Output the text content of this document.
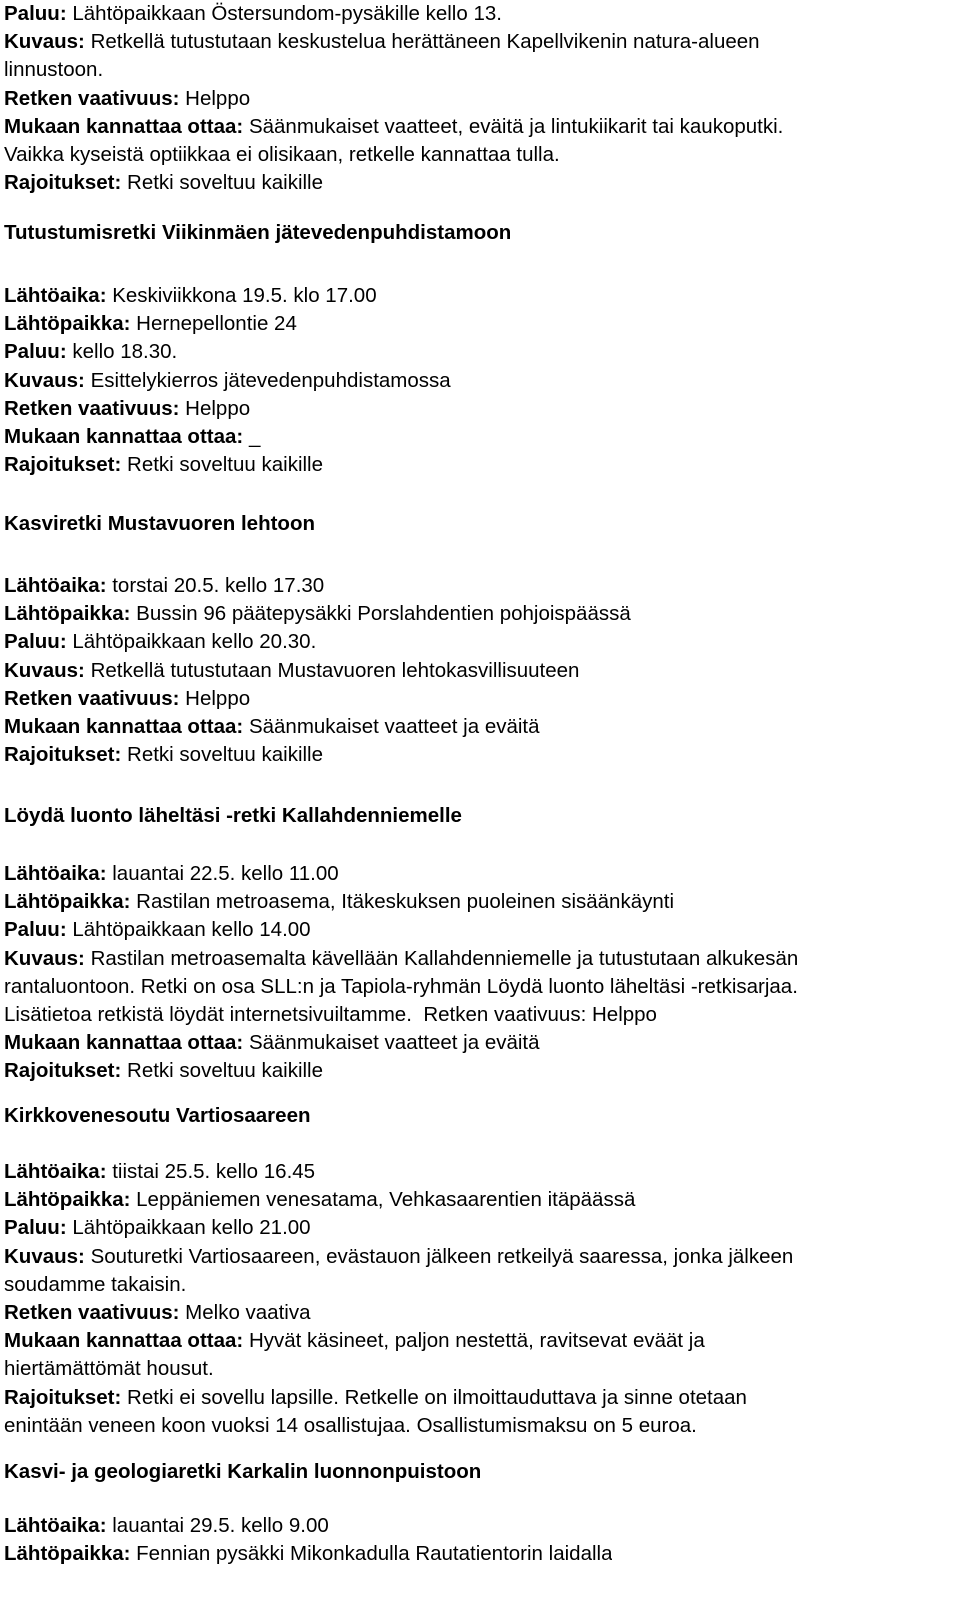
Paluu: Lähtöpaikkaan Östersundom-pysäkille kello 13.
Kuvaus: Retkellä tutustutaan keskustelua herättäneen Kapellvikenin natura-alueen
linnustoon.
Retken vaativuus: Helppo
Mukaan kannattaa ottaa: Säänmukaiset vaatteet, eväitä ja lintukiikarit tai kaukoputki.
Vaikka kyseistä optiikkaa ei olisikaan, retkelle kannattaa tulla.
Rajoitukset: Retki soveltuu kaikille
Tutustumisretki Viikinmäen jätevedenpuhdistamoon
Lähtöaika: Keskiviikkona 19.5. klo 17.00
Lähtöpaikka: Hernepellontie 24
Paluu: kello 18.30.
Kuvaus: Esittelykierros jätevedenpuhdistamossa
Retken vaativuus: Helppo
Mukaan kannattaa ottaa: _
Rajoitukset: Retki soveltuu kaikille
Kasviretki Mustavuoren lehtoon
Lähtöaika: torstai 20.5. kello 17.30
Lähtöpaikka: Bussin 96 päätepysäkki Porslahdentien pohjoispäässä
Paluu: Lähtöpaikkaan kello 20.30.
Kuvaus: Retkellä tutustutaan Mustavuoren lehtokasvillisuuteen
Retken vaativuus: Helppo
Mukaan kannattaa ottaa: Säänmukaiset vaatteet ja eväitä
Rajoitukset: Retki soveltuu kaikille
Löydä luonto läheltäsi -retki Kallahdenniemelle
Lähtöaika: lauantai 22.5. kello 11.00
Lähtöpaikka: Rastilan metroasema, Itäkeskuksen puoleinen sisäänkäynti
Paluu: Lähtöpaikkaan kello 14.00
Kuvaus: Rastilan metroasemalta kävellään Kallahdenniemelle ja tutustutaan alkukesän
rantaluontoon. Retki on osa SLL:n ja Tapiola-ryhmän Löydä luonto läheltäsi -retkisarjaa.
Lisätietoa retkistä löydät internetsivuiltamme. Retken vaativuus: Helppo
Mukaan kannattaa ottaa: Säänmukaiset vaatteet ja eväitä
Rajoitukset: Retki soveltuu kaikille
Kirkkovenesoutu Vartiosaareen
Lähtöaika: tiistai 25.5. kello 16.45
Lähtöpaikka: Leppäniemen venesatama, Vehkasaarentien itäpäässä
Paluu: Lähtöpaikkaan kello 21.00
Kuvaus: Souturetki Vartiosaareen, evästauon jälkeen retkeilyä saaressa, jonka jälkeen
soudamme takaisin.
Retken vaativuus: Melko vaativa
Mukaan kannattaa ottaa: Hyvät käsineet, paljon nestettä, ravitsevat eväät ja
hiertämättömät housut.
Rajoitukset: Retki ei sovellu lapsille. Retkelle on ilmoittauduttava ja sinne otetaan
enintään veneen koon vuoksi 14 osallistujaa. Osallistumismaksu on 5 euroa.
Kasvi- ja geologiaretki Karkalin luonnonpuistoon
Lähtöaika: lauantai 29.5. kello 9.00
Lähtöpaikka: Fennian pysäkki Mikonkadulla Rautatientorin laidalla
